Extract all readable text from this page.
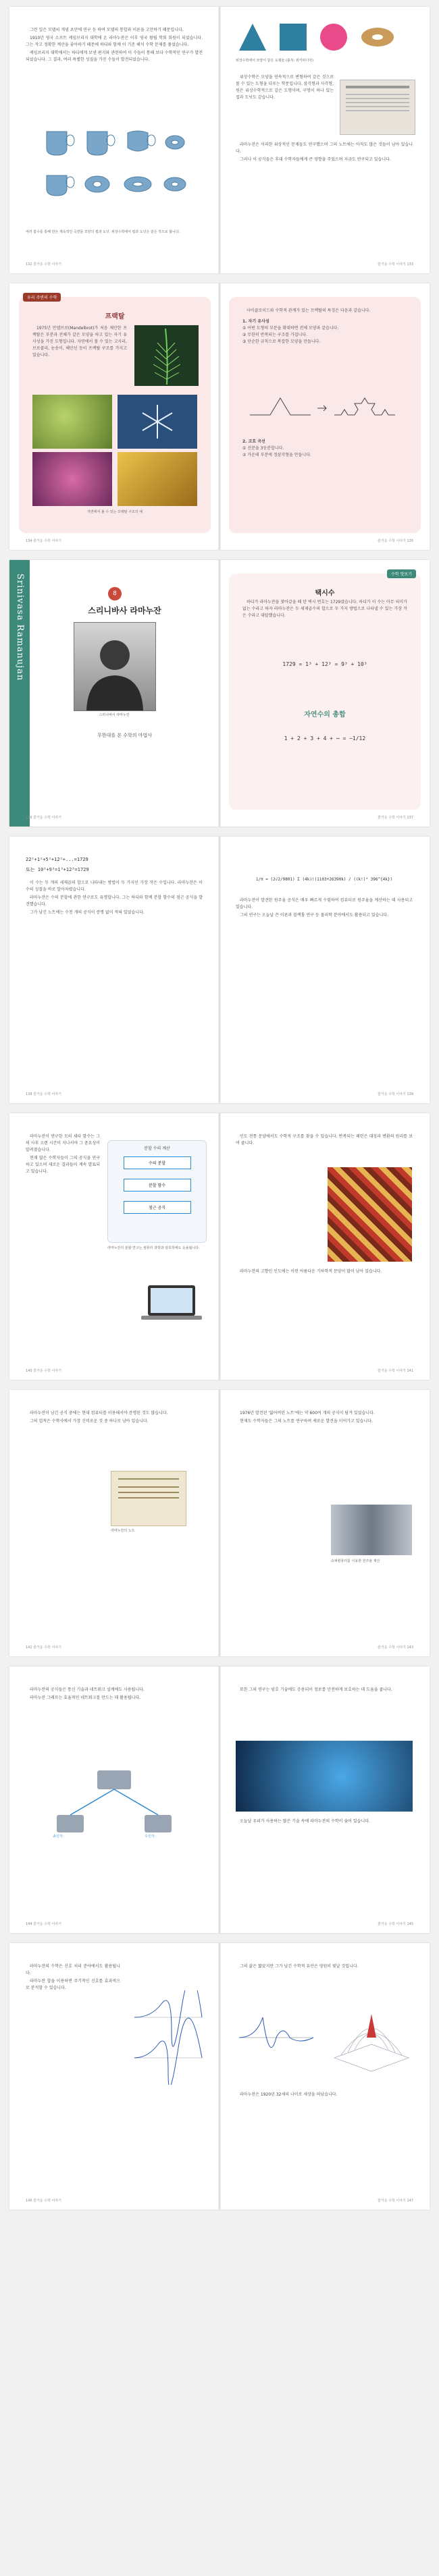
그런 일은 모델의 개념 초안에 연구 등 하여 모델의 통합과 이론을 고안하기 때문입니다.

1910년 영국 소프트 케임브리지 대학에 온 라마누잔은 이후 영국 왕립 학회 회원이 되었습니다. 그는 작고 정확한 계산을 좋아하기 때문에 하디와 함께 이 기존 해석 수학 문제를 풀었습니다.

케임브리지 대학에서는 하디에게 보낸 편지와 관련하여 이 수들이 통해 보다 수학적인 연구가 발전되었습니다. 그 결과, 여러 특별한 성질을 가진 수들이 발견되었습니다.

여러 함수를 통해 만든 계속적인 곡면들 모양의 컵과 도넛. 위상수학에서 컵과 도넛은 같은 것으로 봅니다.
132 즐거운 수학 이야기
위상수학에서 모양이 같은 도형들 (출처: 위키피디아)

위상수학은 모양을 연속적으로 변형하여 같은 것으로 볼 수 있는 도형을 다루는 학문입니다. 삼각형과 사각형, 원은 위상수학적으로 같은 도형이며, 구멍이 하나 있는 컵과 도넛도 같습니다.

라마누잔은 이러한 위상적인 문제들도 연구했으며 그의 노트에는 아직도 많은 것들이 남아 있습니다.

그러나 이 공식들은 후대 수학자들에게 큰 영향을 주었으며 지금도 연구되고 있습니다.

즐거운 수학 이야기 133
우리 주변의 수학
프랙탈

1975년 만델브로(Mandelbrot)가 처음 제안한 프랙탈은 부분과 전체가 같은 모양을 하고 있는 자기 유사성을 가진 도형입니다. 자연에서 볼 수 있는 고사리, 브로콜리, 눈송이, 해안선 등이 프랙탈 구조를 가지고 있습니다.

자연에서 볼 수 있는 프랙탈 구조의 예
134 즐거운 수학 이야기

사이클로이드와 수학적 관계가 있는 프랙탈의 특징은 다음과 같습니다.

1. 자기 유사성
① 어떤 도형의 부분을 확대하면 전체 모양과 같습니다.
② 무한히 반복되는 구조를 가집니다.
③ 단순한 규칙으로 복잡한 모양을 만듭니다.
2. 코흐 곡선
① 선분을 3등분합니다.
② 가운데 부분에 정삼각형을 만듭니다.
즐거운 수학 이야기 135
Srinivasa Ramanujan	8
스리니바사 라마누잔
스리니바사 라마누잔
무한대를 본 수학의 마법사
136 즐거운 수학 이야기
수학 맛보기
택시수

하디가 라마누잔을 찾아갔을 때 탄 택시 번호는 1729였습니다. 하디가 이 수는 아무 의미가 없는 수라고 하자 라마누잔은 두 세제곱수의 합으로 두 가지 방법으로 나타낼 수 있는 가장 작은 수라고 대답했습니다.

1729 = 1³ + 12³ = 9³ + 10³
자연수의 총합
1 + 2 + 3 + 4 + ⋯ = −1/12
즐거운 수학 이야기 137
22²+1²+5²+12²+...=1729
또는 10³+9³=1³+12³=1729

이 수는 두 개의 세제곱의 합으로 나타내는 방법이 두 가지인 가장 작은 수입니다. 라마누잔은 이 수의 성질을 바로 알아차렸습니다.

라마누잔은 수의 분할에 관한 연구로도 유명합니다. 그는 하디와 함께 분할 함수의 점근 공식을 발견했습니다.

그가 남긴 노트에는 수천 개의 공식이 증명 없이 적혀 있었습니다.

138 즐거운 수학 이야기
1/π = (2√2/9801) Σ (4k)!(1103+26390k) / ((k!)⁴ 396^{4k})

라마누잔이 발견한 원주율 공식은 매우 빠르게 수렴하여 컴퓨터로 원주율을 계산하는 데 사용되고 있습니다.

그의 연구는 오늘날 끈 이론과 블랙홀 연구 등 물리학 분야에서도 활용되고 있습니다.

즐거운 수학 이야기 139

라마누잔이 연구한 모의 세타 함수는 그의 사후 오랜 시간이 지나서야 그 중요성이 알려졌습니다.

현재 많은 수학자들이 그의 공식을 연구하고 있으며 새로운 결과들이 계속 발표되고 있습니다.

분할 수의 계산
수의 분할
분할 함수
점근 공식
라마누잔의 분할 연구는 컴퓨터 과학과 암호학에도 응용됩니다.
140 즐거운 수학 이야기

인도 전통 문양에서도 수학적 구조를 찾을 수 있습니다. 반복되는 패턴은 대칭과 변환의 원리를 보여 줍니다.

라마누잔의 고향인 인도에는 이런 아름다운 기하학적 문양이 많이 남아 있습니다.

즐거운 수학 이야기 141

라마누잔이 남긴 공식 중에는 현대 컴퓨터를 이용해서야 증명된 것도 많습니다.

그의 업적은 수학사에서 가장 신비로운 것 중 하나로 남아 있습니다.

라마누잔의 노트
142 즐거운 수학 이야기

1976년 발견된 '잃어버린 노트'에는 약 600여 개의 공식이 담겨 있었습니다.

현재도 수학자들은 그의 노트를 연구하며 새로운 발견을 이어가고 있습니다.

슈퍼컴퓨터를 이용한 원주율 계산
즐거운 수학 이야기 143

라마누잔의 공식들은 통신 기술과 네트워크 설계에도 사용됩니다.

라마누잔 그래프는 효율적인 네트워크를 만드는 데 활용됩니다.

송신자	수신자
144 즐거운 수학 이야기

또한 그의 연구는 암호 기술에도 응용되어 정보를 안전하게 보호하는 데 도움을 줍니다.

오늘날 우리가 사용하는 많은 기술 속에 라마누잔의 수학이 숨어 있습니다.

즐거운 수학 이야기 145

라마누잔의 수학은 신호 처리 분야에서도 활용됩니다.

라마누잔 합을 이용하면 주기적인 신호를 효과적으로 분석할 수 있습니다.

146 즐거운 수학 이야기

그의 삶은 짧았지만 그가 남긴 수학적 유산은 영원히 빛날 것입니다.

라마누잔은 1920년 32세의 나이로 세상을 떠났습니다.

즐거운 수학 이야기 147
